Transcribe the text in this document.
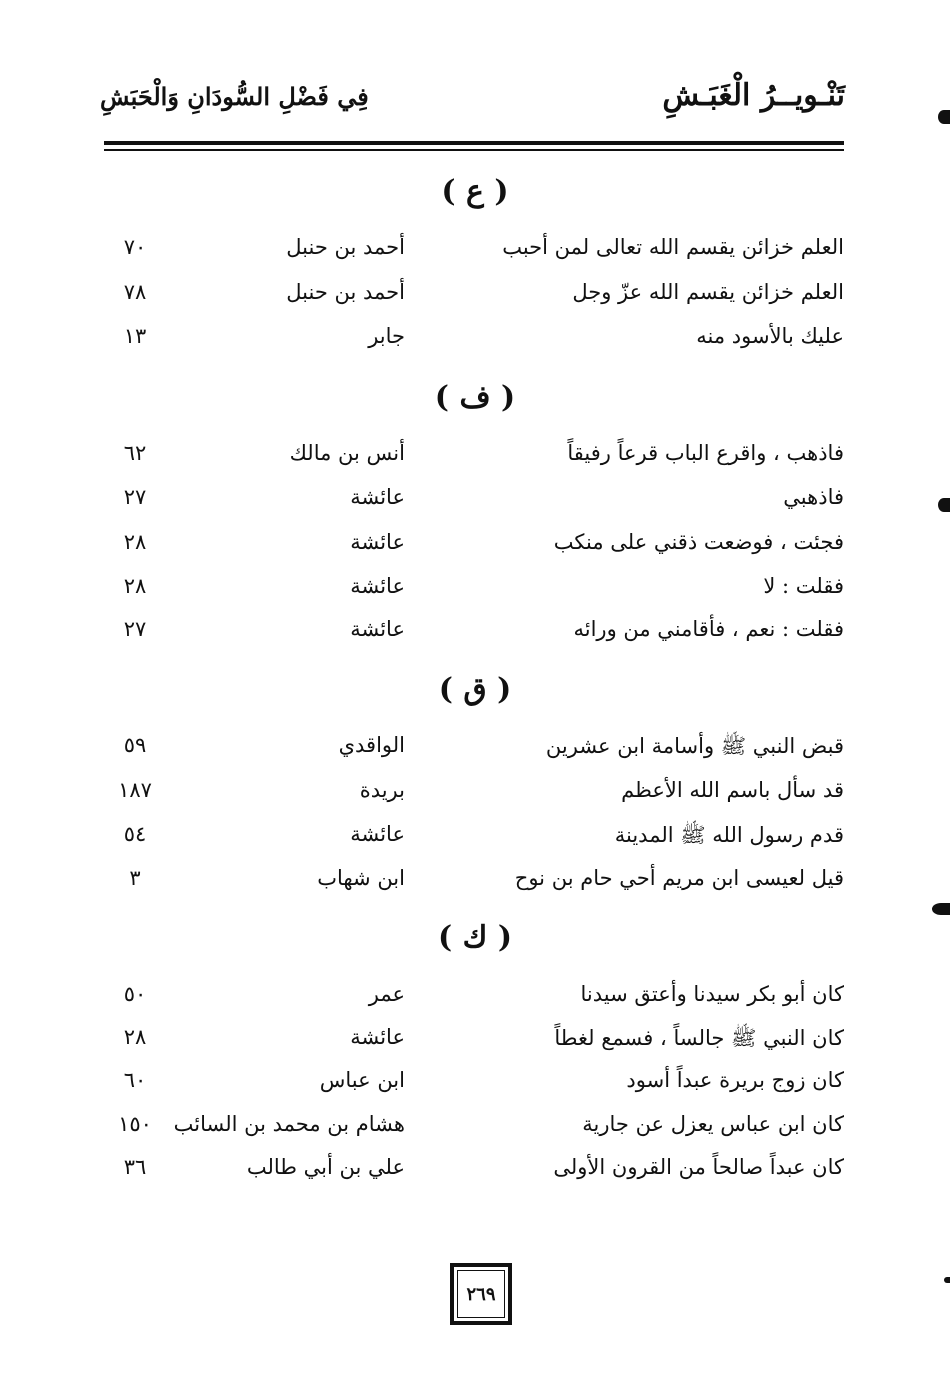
تَنْـويــرُ الْغَبَـشِ
فِي فَضْلِ السُّودَانِ وَالْحَبَشِ
( ع )
العلم خزائن يقسم الله تعالى لمن أحبب
أحمد بن حنبل
٧٠
العلم خزائن يقسم الله عزّ وجل
أحمد بن حنبل
٧٨
عليك بالأسود منه
جابر
١٣
( ف )
فاذهب ، واقرع الباب قرعاً رفيقاً
أنس بن مالك
٦٢
فاذهبي
عائشة
٢٧
فجئت ، فوضعت ذقني على منكب
عائشة
٢٨
فقلت : لا
عائشة
٢٨
فقلت : نعم ، فأقامني من ورائه
عائشة
٢٧
( ق )
قبض النبي ﷺ وأسامة ابن عشرين
الواقدي
٥٩
قد سأل باسم الله الأعظم
بريدة
١٨٧
قدم رسول الله ﷺ المدينة
عائشة
٥٤
قيل لعيسى ابن مريم أحي حام بن نوح
ابن شهاب
٣
( ك )
كان أبو بكر سيدنا وأعتق سيدنا
عمر
٥٠
كان النبي ﷺ جالساً ، فسمع لغطاً
عائشة
٢٨
كان زوج بريرة عبداً أسود
ابن عباس
٦٠
كان ابن عباس يعزل عن جارية
هشام بن محمد بن السائب
١٥٠
كان عبداً صالحاً من القرون الأولى
علي بن أبي طالب
٣٦
٢٦٩
